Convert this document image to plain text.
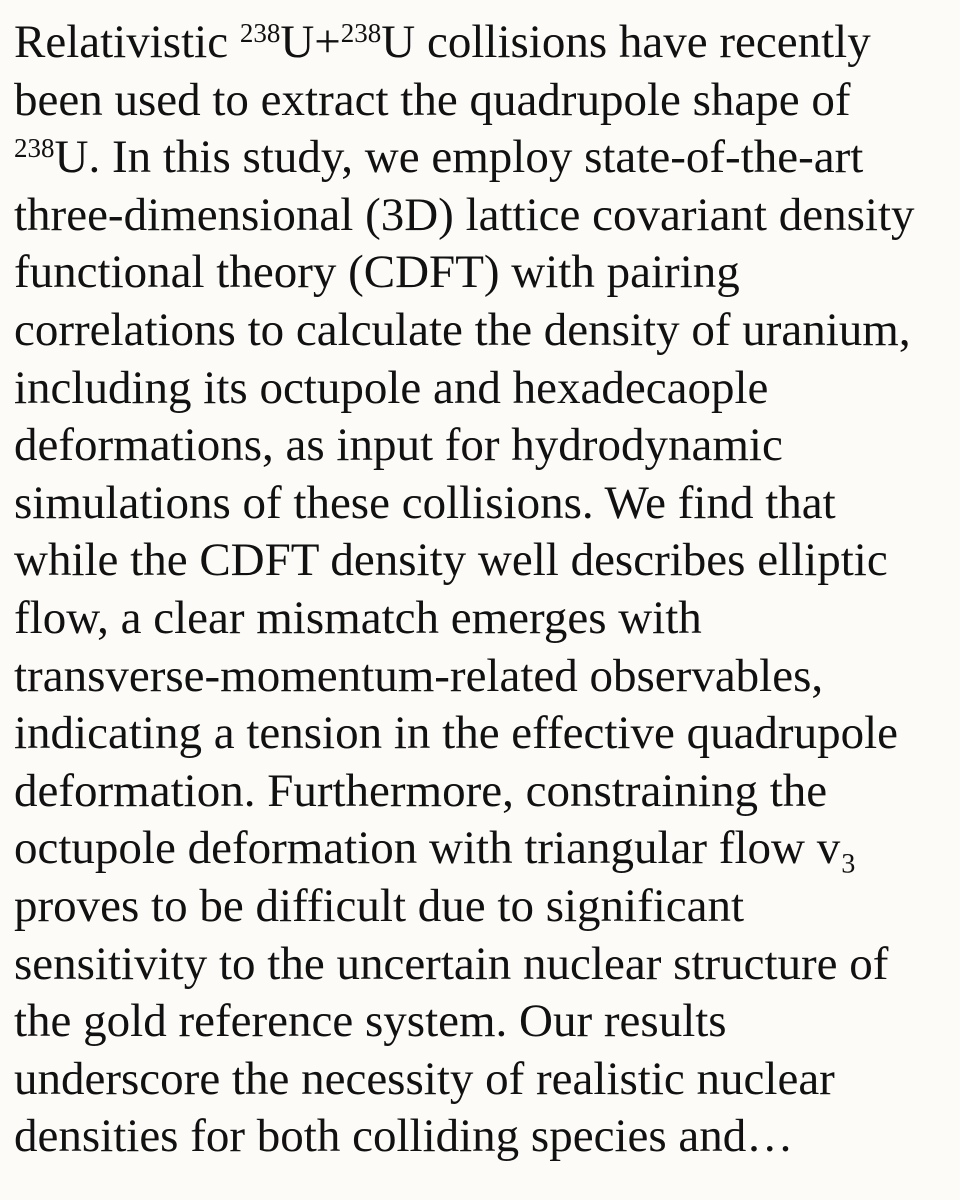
Relativistic $^{238}$U+$^{238}$U collisions have recently
been used to extract the quadrupole shape of
$^{238}$U. In this study, we employ state-of-the-art
three-dimensional (3D) lattice covariant density
functional theory (CDFT) with pairing
correlations to calculate the density of uranium,
including its octupole and hexadecaople
deformations, as input for hydrodynamic
simulations of these collisions. We find that
while the CDFT density well describes elliptic
flow, a clear mismatch emerges with
transverse-momentum-related observables,
indicating a tension in the effective quadrupole
deformation. Furthermore, constraining the
octupole deformation with triangular flow v₃
proves to be difficult due to significant
sensitivity to the uncertain nuclear structure of
the gold reference system. Our results
underscore the necessity of realistic nuclear
densities for both colliding species and…
